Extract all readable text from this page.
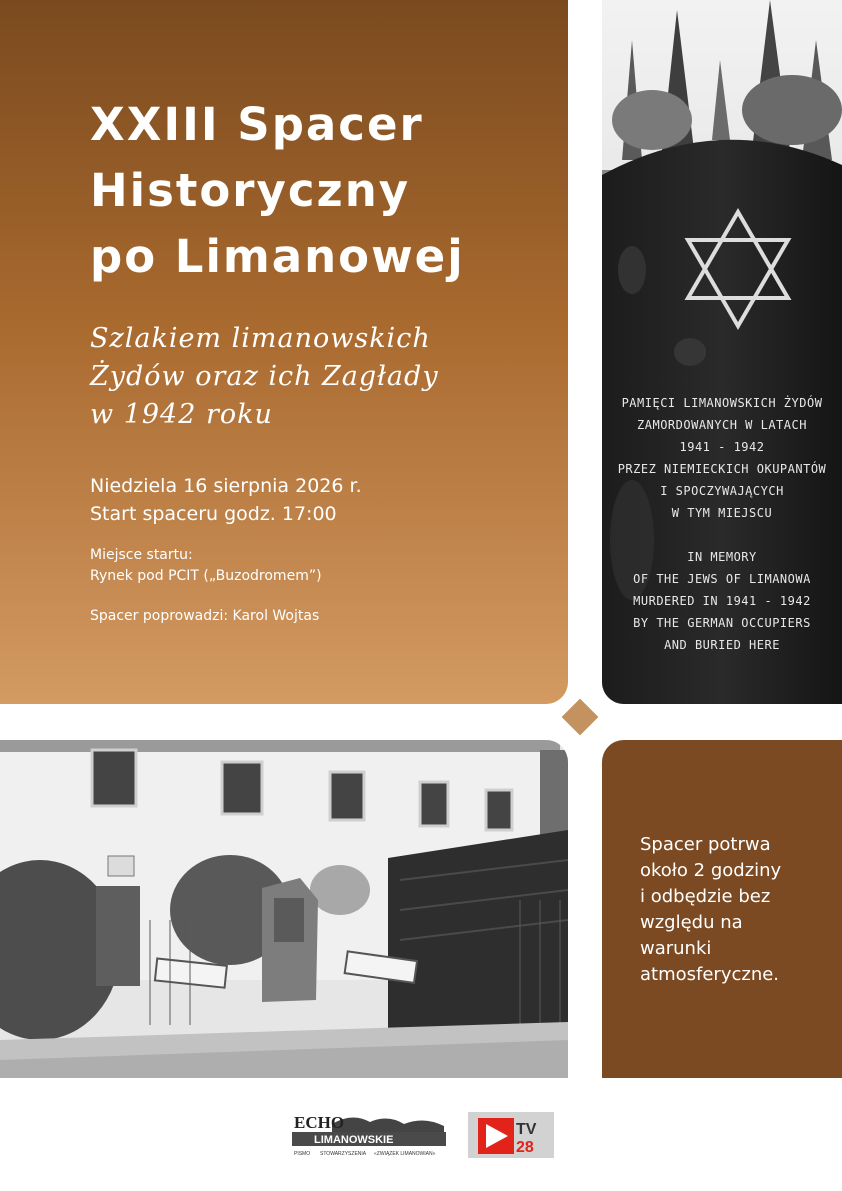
XXIII Spacer
Historyczny
po Limanowej

Szlakiem limanowskich
Żydów oraz ich Zagłady
w 1942 roku

Niedziela 16 sierpnia 2026 r.
Start spaceru godz. 17:00
Miejsce startu:
Rynek pod PCIT („Buzodromem”)
Spacer poprowadzi: Karol Wojtas
PAMIĘCI LIMANOWSKICH ŻYDÓW
ZAMORDOWANYCH W LATACH
1941 - 1942
PRZEZ NIEMIECKICH OKUPANTÓW
I SPOCZYWAJĄCYCH
W TYM MIEJSCU

IN MEMORY
OF THE JEWS OF LIMANOWA
MURDERED IN 1941 - 1942
BY THE GERMAN OCCUPIERS
AND BURIED HERE
Spacer potrwa
około 2 godziny
i odbędzie bez
względu na
warunki
atmosferyczne.
ECHO
LIMANOWSKIE
PISMO STOWARZYSZENIA «ZWIĄZEK LIMANOWIAN»
TV
28
